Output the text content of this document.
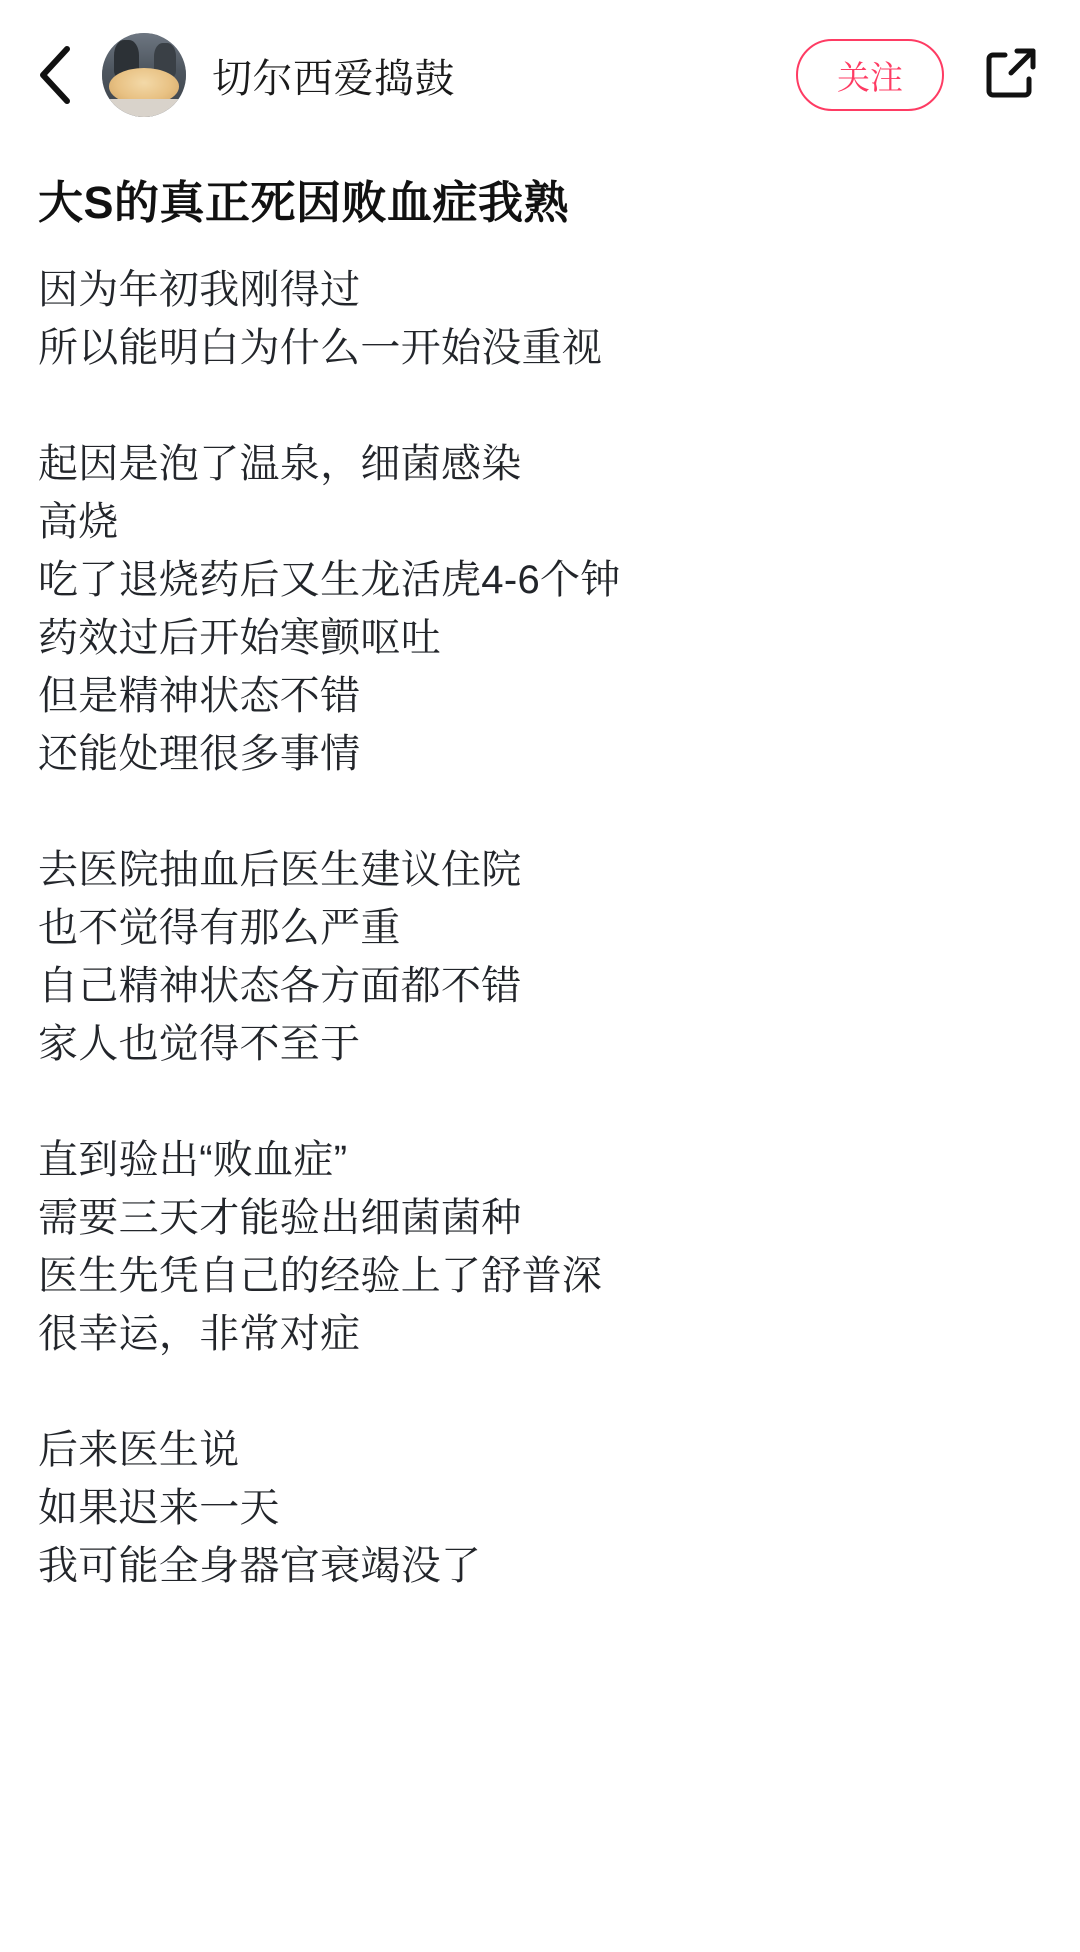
切尔西爱捣鼓	关注
大S的真正死因败血症我熟
因为年初我刚得过
所以能明白为什么一开始没重视
起因是泡了温泉，细菌感染
高烧
吃了退烧药后又生龙活虎4-6个钟
药效过后开始寒颤呕吐
但是精神状态不错
还能处理很多事情
去医院抽血后医生建议住院
也不觉得有那么严重
自己精神状态各方面都不错
家人也觉得不至于
直到验出“败血症”
需要三天才能验出细菌菌种
医生先凭自己的经验上了舒普深
很幸运，非常对症
后来医生说
如果迟来一天
我可能全身器官衰竭没了
